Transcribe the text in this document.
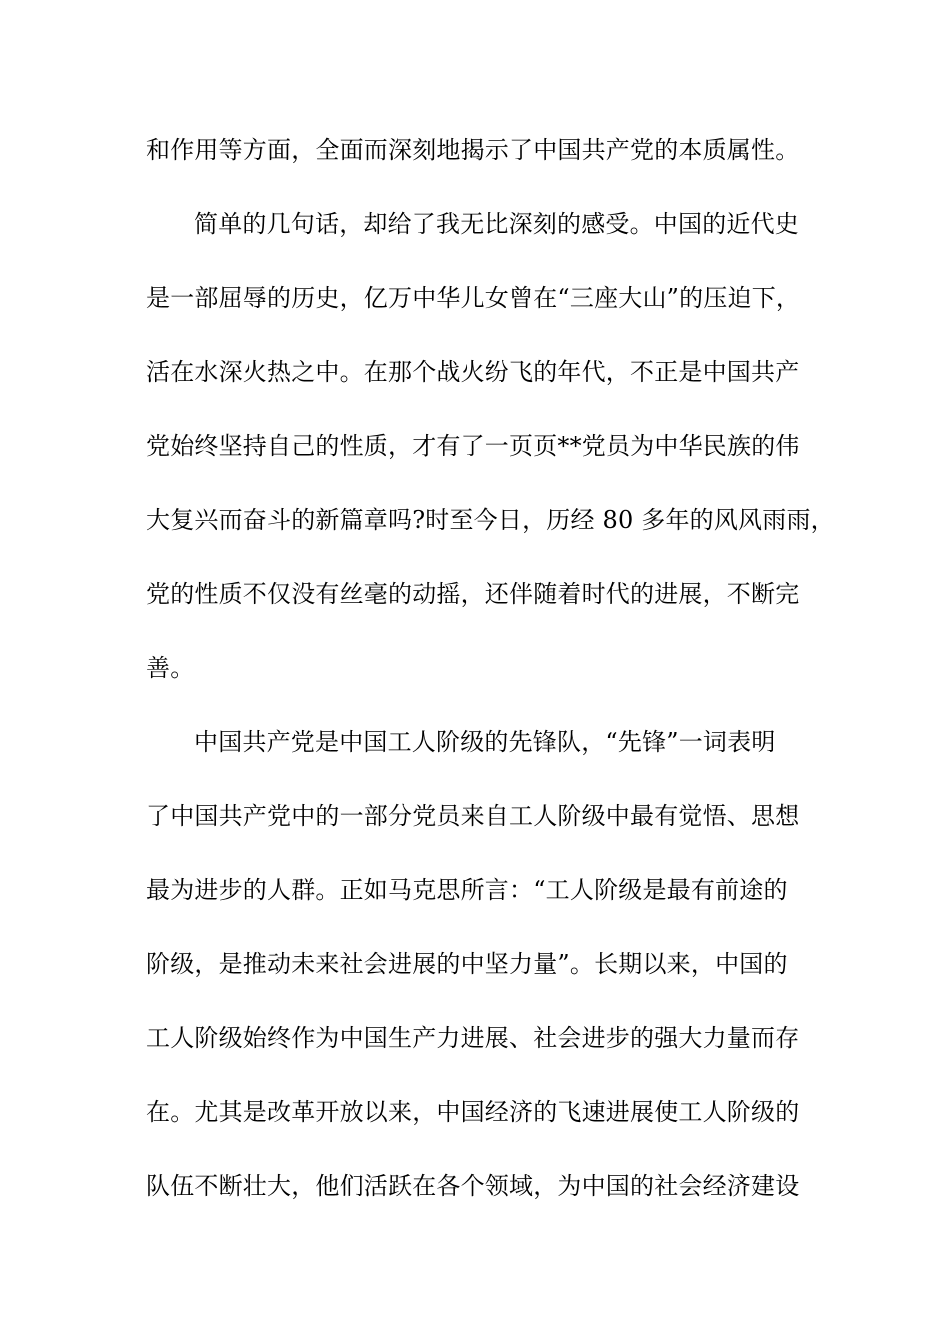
和作用等方面，全面而深刻地揭示了中国共产党的本质属性。
简单的几句话，却给了我无比深刻的感受。中国的近代史
是一部屈辱的历史，亿万中华儿女曾在“三座大山”的压迫下，
活在水深火热之中。在那个战火纷飞的年代，不正是中国共产
党始终坚持自己的性质，才有了一页页**党员为中华民族的伟
大复兴而奋斗的新篇章吗?时至今日，历经 80 多年的风风雨雨，
党的性质不仅没有丝毫的动摇，还伴随着时代的进展，不断完
善。
中国共产党是中国工人阶级的先锋队，“先锋”一词表明
了中国共产党中的一部分党员来自工人阶级中最有觉悟、思想
最为进步的人群。正如马克思所言：“工人阶级是最有前途的
阶级，是推动未来社会进展的中坚力量”。长期以来，中国的
工人阶级始终作为中国生产力进展、社会进步的强大力量而存
在。尤其是改革开放以来，中国经济的飞速进展使工人阶级的
队伍不断壮大，他们活跃在各个领域，为中国的社会经济建设
